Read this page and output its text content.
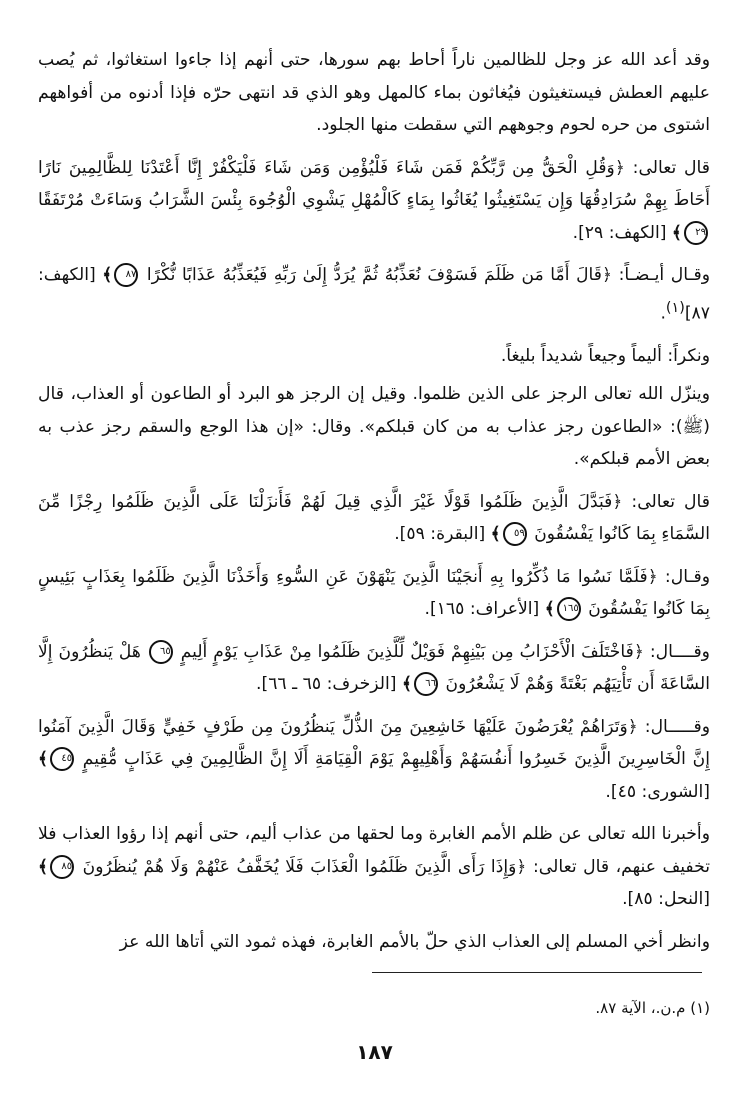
وقد أعد الله عز وجل للظالمين ناراً أحاط بهم سورها، حتى أنهم إذا جاءوا استغاثوا، ثم يُصب عليهم العطش فيستغيثون فيُغاثون بماء كالمهل وهو الذي قد انتهى حرّه فإذا أدنوه من أفواههم اشتوى من حره لحوم وجوههم التي سقطت منها الجلود.

قال تعالى: ﴿وَقُلِ الْحَقُّ مِن رَّبِّكُمْ فَمَن شَاءَ فَلْيُؤْمِن وَمَن شَاءَ فَلْيَكْفُرْ إِنَّا أَعْتَدْنَا لِلظَّالِمِينَ نَارًا أَحَاطَ بِهِمْ سُرَادِقُهَا وَإِن يَسْتَغِيثُوا يُغَاثُوا بِمَاءٍ كَالْمُهْلِ يَشْوِي الْوُجُوهَ بِئْسَ الشَّرَابُ وَسَاءَتْ مُرْتَفَقًا ٢٩﴾ [الكهف: ٢٩].

وقـال أيـضـاً: ﴿قَالَ أَمَّا مَن ظَلَمَ فَسَوْفَ نُعَذِّبُهُ ثُمَّ يُرَدُّ إِلَىٰ رَبِّهِ فَيُعَذِّبُهُ عَذَابًا نُّكْرًا ٨٧﴾ [الكهف: ٨٧]$^{(١)}$.

ونكراً: أليماً وجيعاً شديداً بليغاً.

وينزّل الله تعالى الرجز على الذين ظلموا. وقيل إن الرجز هو البرد أو الطاعون أو العذاب، قال (ﷺ): «الطاعون رجز عذاب به من كان قبلكم». وقال: «إن هذا الوجع والسقم رجز عذب به بعض الأمم قبلكم».

قال تعالى: ﴿فَبَدَّلَ الَّذِينَ ظَلَمُوا قَوْلًا غَيْرَ الَّذِي قِيلَ لَهُمْ فَأَنزَلْنَا عَلَى الَّذِينَ ظَلَمُوا رِجْزًا مِّنَ السَّمَاءِ بِمَا كَانُوا يَفْسُقُونَ ٥٩﴾ [البقرة: ٥٩].

وقـال: ﴿فَلَمَّا نَسُوا مَا ذُكِّرُوا بِهِ أَنجَيْنَا الَّذِينَ يَنْهَوْنَ عَنِ السُّوءِ وَأَخَذْنَا الَّذِينَ ظَلَمُوا بِعَذَابٍ بَئِيسٍ بِمَا كَانُوا يَفْسُقُونَ ١٦٥﴾ [الأعراف: ١٦٥].

وقــــال: ﴿فَاخْتَلَفَ الْأَحْزَابُ مِن بَيْنِهِمْ فَوَيْلٌ لِّلَّذِينَ ظَلَمُوا مِنْ عَذَابِ يَوْمٍ أَلِيمٍ ٦٥ هَلْ يَنظُرُونَ إِلَّا السَّاعَةَ أَن تَأْتِيَهُم بَغْتَةً وَهُمْ لَا يَشْعُرُونَ ٦٦﴾ [الزخرف: ٦٥ ـ ٦٦].

وقـــــال: ﴿وَتَرَاهُمْ يُعْرَضُونَ عَلَيْهَا خَاشِعِينَ مِنَ الذُّلِّ يَنظُرُونَ مِن طَرْفٍ خَفِيٍّ وَقَالَ الَّذِينَ آمَنُوا إِنَّ الْخَاسِرِينَ الَّذِينَ خَسِرُوا أَنفُسَهُمْ وَأَهْلِيهِمْ يَوْمَ الْقِيَامَةِ أَلَا إِنَّ الظَّالِمِينَ فِي عَذَابٍ مُّقِيمٍ ٤٥﴾ [الشورى: ٤٥].

وأخبرنا الله تعالى عن ظلم الأمم الغابرة وما لحقها من عذاب أليم، حتى أنهم إذا رؤوا العذاب فلا تخفيف عنهم، قال تعالى: ﴿وَإِذَا رَأَى الَّذِينَ ظَلَمُوا الْعَذَابَ فَلَا يُخَفَّفُ عَنْهُمْ وَلَا هُمْ يُنظَرُونَ ٨٥﴾ [النحل: ٨٥].

وانظر أخي المسلم إلى العذاب الذي حلّ بالأمم الغابرة، فهذه ثمود التي أتاها الله عز

(١) م.ن.، الآية ٨٧.
١٨٧
